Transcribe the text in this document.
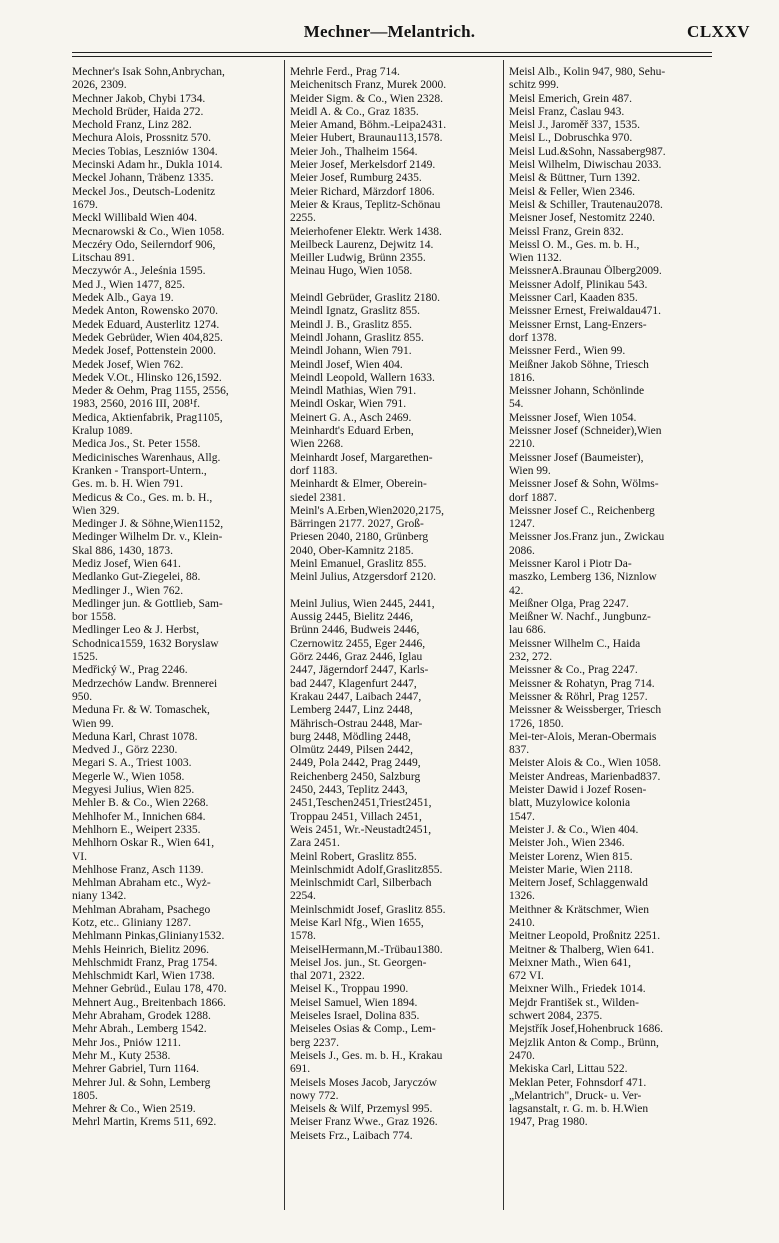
Mechner—Melantrich.	CLXXV
Mechner's Isak Sohn,Anbrychan,
2026, 2309.
Mechner Jakob, Chybi 1734.
Mechold Brüder, Haida 272.
Mechold Franz, Linz 282.
Mechura Alois, Prossnitz 570.
Mecies Tobias, Leszniów 1304.
Mecinski Adam hr., Dukla 1014.
Meckel Johann, Träbenz 1335.
Meckel Jos., Deutsch-Lodenitz
1679.
Meckl Willibald Wien 404.
Mecnarowski & Co., Wien 1058.
Meczéry Odo, Seilerndorf 906,
Litschau 891.
Meczywór A., Jeleśnia 1595.
Med J., Wien 1477, 825.
Medek Alb., Gaya 19.
Medek Anton, Rowensko 2070.
Medek Eduard, Austerlitz 1274.
Medek Gebrüder, Wien 404,825.
Medek Josef, Pottenstein 2000.
Medek Josef, Wien 762.
Medek V.Ot., Hlinsko 126,1592.
Meder & Oehm, Prag 1155, 2556,
1983, 2560, 2016 III, 208¹f.
Medica, Aktienfabrik, Prag1105,
Kralup 1089.
Medica Jos., St. Peter 1558.
Medicinisches Warenhaus, Allg.
Kranken - Transport-Untern.,
Ges. m. b. H. Wien 791.
Medicus & Co., Ges. m. b. H.,
Wien 329.
Medinger J. & Söhne,Wien1152,
Medinger Wilhelm Dr. v., Klein-
Skal 886, 1430, 1873.
Mediz Josef, Wien 641.
Medlanko Gut-Ziegelei, 88.
Medlinger J., Wien 762.
Medlinger jun. & Gottlieb, Sam-
bor 1558.
Medlinger Leo & J. Herbst,
Schodnica1559, 1632 Boryslaw
1525.
Medřický W., Prag 2246.
Medrzechów Landw. Brennerei
950.
Meduna Fr. & W. Tomaschek,
Wien 99.
Meduna Karl, Chrast 1078.
Medved J., Görz 2230.
Megari S. A., Triest 1003.
Megerle W., Wien 1058.
Megyesi Julius, Wien 825.
Mehler B. & Co., Wien 2268.
Mehlhofer M., Innichen 684.
Mehlhorn E., Weipert 2335.
Mehlhorn Oskar R., Wien 641,
VI.
Mehlhose Franz, Asch 1139.
Mehlman Abraham etc., Wyż-
niany 1342.
Mehlman Abraham, Psachego
Kotz, etc.. Gliniany 1287.
Mehlmann Pinkas,Gliniany1532.
Mehls Heinrich, Bielitz 2096.
Mehlschmidt Franz, Prag 1754.
Mehlschmidt Karl, Wien 1738.
Mehner Gebrüd., Eulau 178, 470.
Mehnert Aug., Breitenbach 1866.
Mehr Abraham, Grodek 1288.
Mehr Abrah., Lemberg 1542.
Mehr Jos., Pniów 1211.
Mehr M., Kuty 2538.
Mehrer Gabriel, Turn 1164.
Mehrer Jul. & Sohn, Lemberg
1805.
Mehrer & Co., Wien 2519.
Mehrl Martin, Krems 511, 692.
Mehrle Ferd., Prag 714.
Meichenitsch Franz, Murek 2000.
Meider Sigm. & Co., Wien 2328.
Meidl A. & Co., Graz 1835.
Meier Amand, Böhm.-Leipa2431.
Meier Hubert, Braunau113,1578.
Meier Joh., Thalheim 1564.
Meier Josef, Merkelsdorf 2149.
Meier Josef, Rumburg 2435.
Meier Richard, Märzdorf 1806.
Meier & Kraus, Teplitz-Schönau
2255.
Meierhofener Elektr. Werk 1438.
Meilbeck Laurenz, Dejwitz 14.
Meiller Ludwig, Brünn 2355.
Meinau Hugo, Wien 1058.
Meindl Gebrüder, Graslitz 2180.
Meindl Ignatz, Graslitz 855.
Meindl J. B., Graslitz 855.
Meindl Johann, Graslitz 855.
Meindl Johann, Wien 791.
Meindl Josef, Wien 404.
Meindl Leopold, Wallern 1633.
Meindl Mathias, Wien 791.
Meindl Oskar, Wien 791.
Meinert G. A., Asch 2469.
Meinhardt's Eduard Erben,
Wien 2268.
Meinhardt Josef, Margarethen-
dorf 1183.
Meinhardt & Elmer, Oberein-
siedel 2381.
Meinl's A.Erben,Wien2020,2175,
Bärringen 2177. 2027, Groß-
Priesen 2040, 2180, Grünberg
2040, Ober-Kamnitz 2185.
Meinl Emanuel, Graslitz 855.
Meinl Julius, Atzgersdorf 2120.
Meinl Julius, Wien 2445, 2441,
Aussig 2445, Bielitz 2446,
Brünn 2446, Budweis 2446,
Czernowitz 2455, Eger 2446,
Görz 2446, Graz 2446, Iglau
2447, Jägerndorf 2447, Karls-
bad 2447, Klagenfurt 2447,
Krakau 2447, Laibach 2447,
Lemberg 2447, Linz 2448,
Mährisch-Ostrau 2448, Mar-
burg 2448, Mödling 2448,
Olmütz 2449, Pilsen 2442,
2449, Pola 2442, Prag 2449,
Reichenberg 2450, Salzburg
2450, 2443, Teplitz 2443,
2451,Teschen2451,Triest2451,
Troppau 2451, Villach 2451,
Weis 2451, Wr.-Neustadt2451,
Zara 2451.
Meinl Robert, Graslitz 855.
Meinlschmidt Adolf,Graslitz855.
Meinlschmidt Carl, Silberbach
2254.
Meinlschmidt Josef, Graslitz 855.
Meise Karl Nfg., Wien 1655,
1578.
MeiselHermann,M.-Trübau1380.
Meisel Jos. jun., St. Georgen-
thal 2071, 2322.
Meisel K., Troppau 1990.
Meisel Samuel, Wien 1894.
Meiseles Israel, Dolina 835.
Meiseles Osias & Comp., Lem-
berg 2237.
Meisels J., Ges. m. b. H., Krakau
691.
Meisels Moses Jacob, Jaryczów
nowy 772.
Meisels & Wilf, Przemysl 995.
Meiser Franz Wwe., Graz 1926.
Meisets Frz., Laibach 774.
Meisl Alb., Kolin 947, 980, Sehu-
schitz 999.
Meisl Emerich, Grein 487.
Meisl Franz, Časlau 943.
Meisl J., Jaroměř 337, 1535.
Meisl L., Dobruschka 970.
Meisl Lud.&Sohn, Nassaberg987.
Meisl Wilhelm, Diwischau 2033.
Meisl & Büttner, Turn 1392.
Meisl & Feller, Wien 2346.
Meisl & Schiller, Trautenau2078.
Meisner Josef, Nestomitz 2240.
Meissl Franz, Grein 832.
Meissl O. M., Ges. m. b. H.,
Wien 1132.
MeissnerA.Braunau Ölberg2009.
Meissner Adolf, Plinikau 543.
Meissner Carl, Kaaden 835.
Meissner Ernest, Freiwaldau471.
Meissner Ernst, Lang-Enzers-
dorf 1378.
Meissner Ferd., Wien 99.
Meißner Jakob Söhne, Triesch
1816.
Meissner Johann, Schönlinde
54.
Meissner Josef, Wien 1054.
Meissner Josef (Schneider),Wien
2210.
Meissner Josef (Baumeister),
Wien 99.
Meissner Josef & Sohn, Wölms-
dorf 1887.
Meissner Josef C., Reichenberg
1247.
Meissner Jos.Franz jun., Zwickau
2086.
Meissner Karol i Piotr Da-
maszko, Lemberg 136, Niznlow
42.
Meißner Olga, Prag 2247.
Meißner W. Nachf., Jungbunz-
lau 686.
Meissner Wilhelm C., Haida
232, 272.
Meissner & Co., Prag 2247.
Meissner & Rohatyn, Prag 714.
Meissner & Röhrl, Prag 1257.
Meissner & Weissberger, Triesch
1726, 1850.
Mei-ter-Alois, Meran-Obermais
837.
Meister Alois & Co., Wien 1058.
Meister Andreas, Marienbad837.
Meister Dawid i Jozef Rosen-
blatt, Muzylowice kolonia
1547.
Meister J. & Co., Wien 404.
Meister Joh., Wien 2346.
Meister Lorenz, Wien 815.
Meister Marie, Wien 2118.
Meitern Josef, Schlaggenwald
1326.
Meithner & Krätschmer, Wien
2410.
Meitner Leopold, Proßnitz 2251.
Meitner & Thalberg, Wien 641.
Meixner Math., Wien 641,
672 VI.
Meixner Wilh., Friedek 1014.
Mejdr František st., Wilden-
schwert 2084, 2375.
Mejstřík Josef,Hohenbruck 1686.
Mejzlik Anton & Comp., Brünn,
2470.
Mekiska Carl, Littau 522.
Meklan Peter, Fohnsdorf 471.
„Melantrich", Druck- u. Ver-
lagsanstalt, r. G. m. b. H.Wien
1947, Prag 1980.
